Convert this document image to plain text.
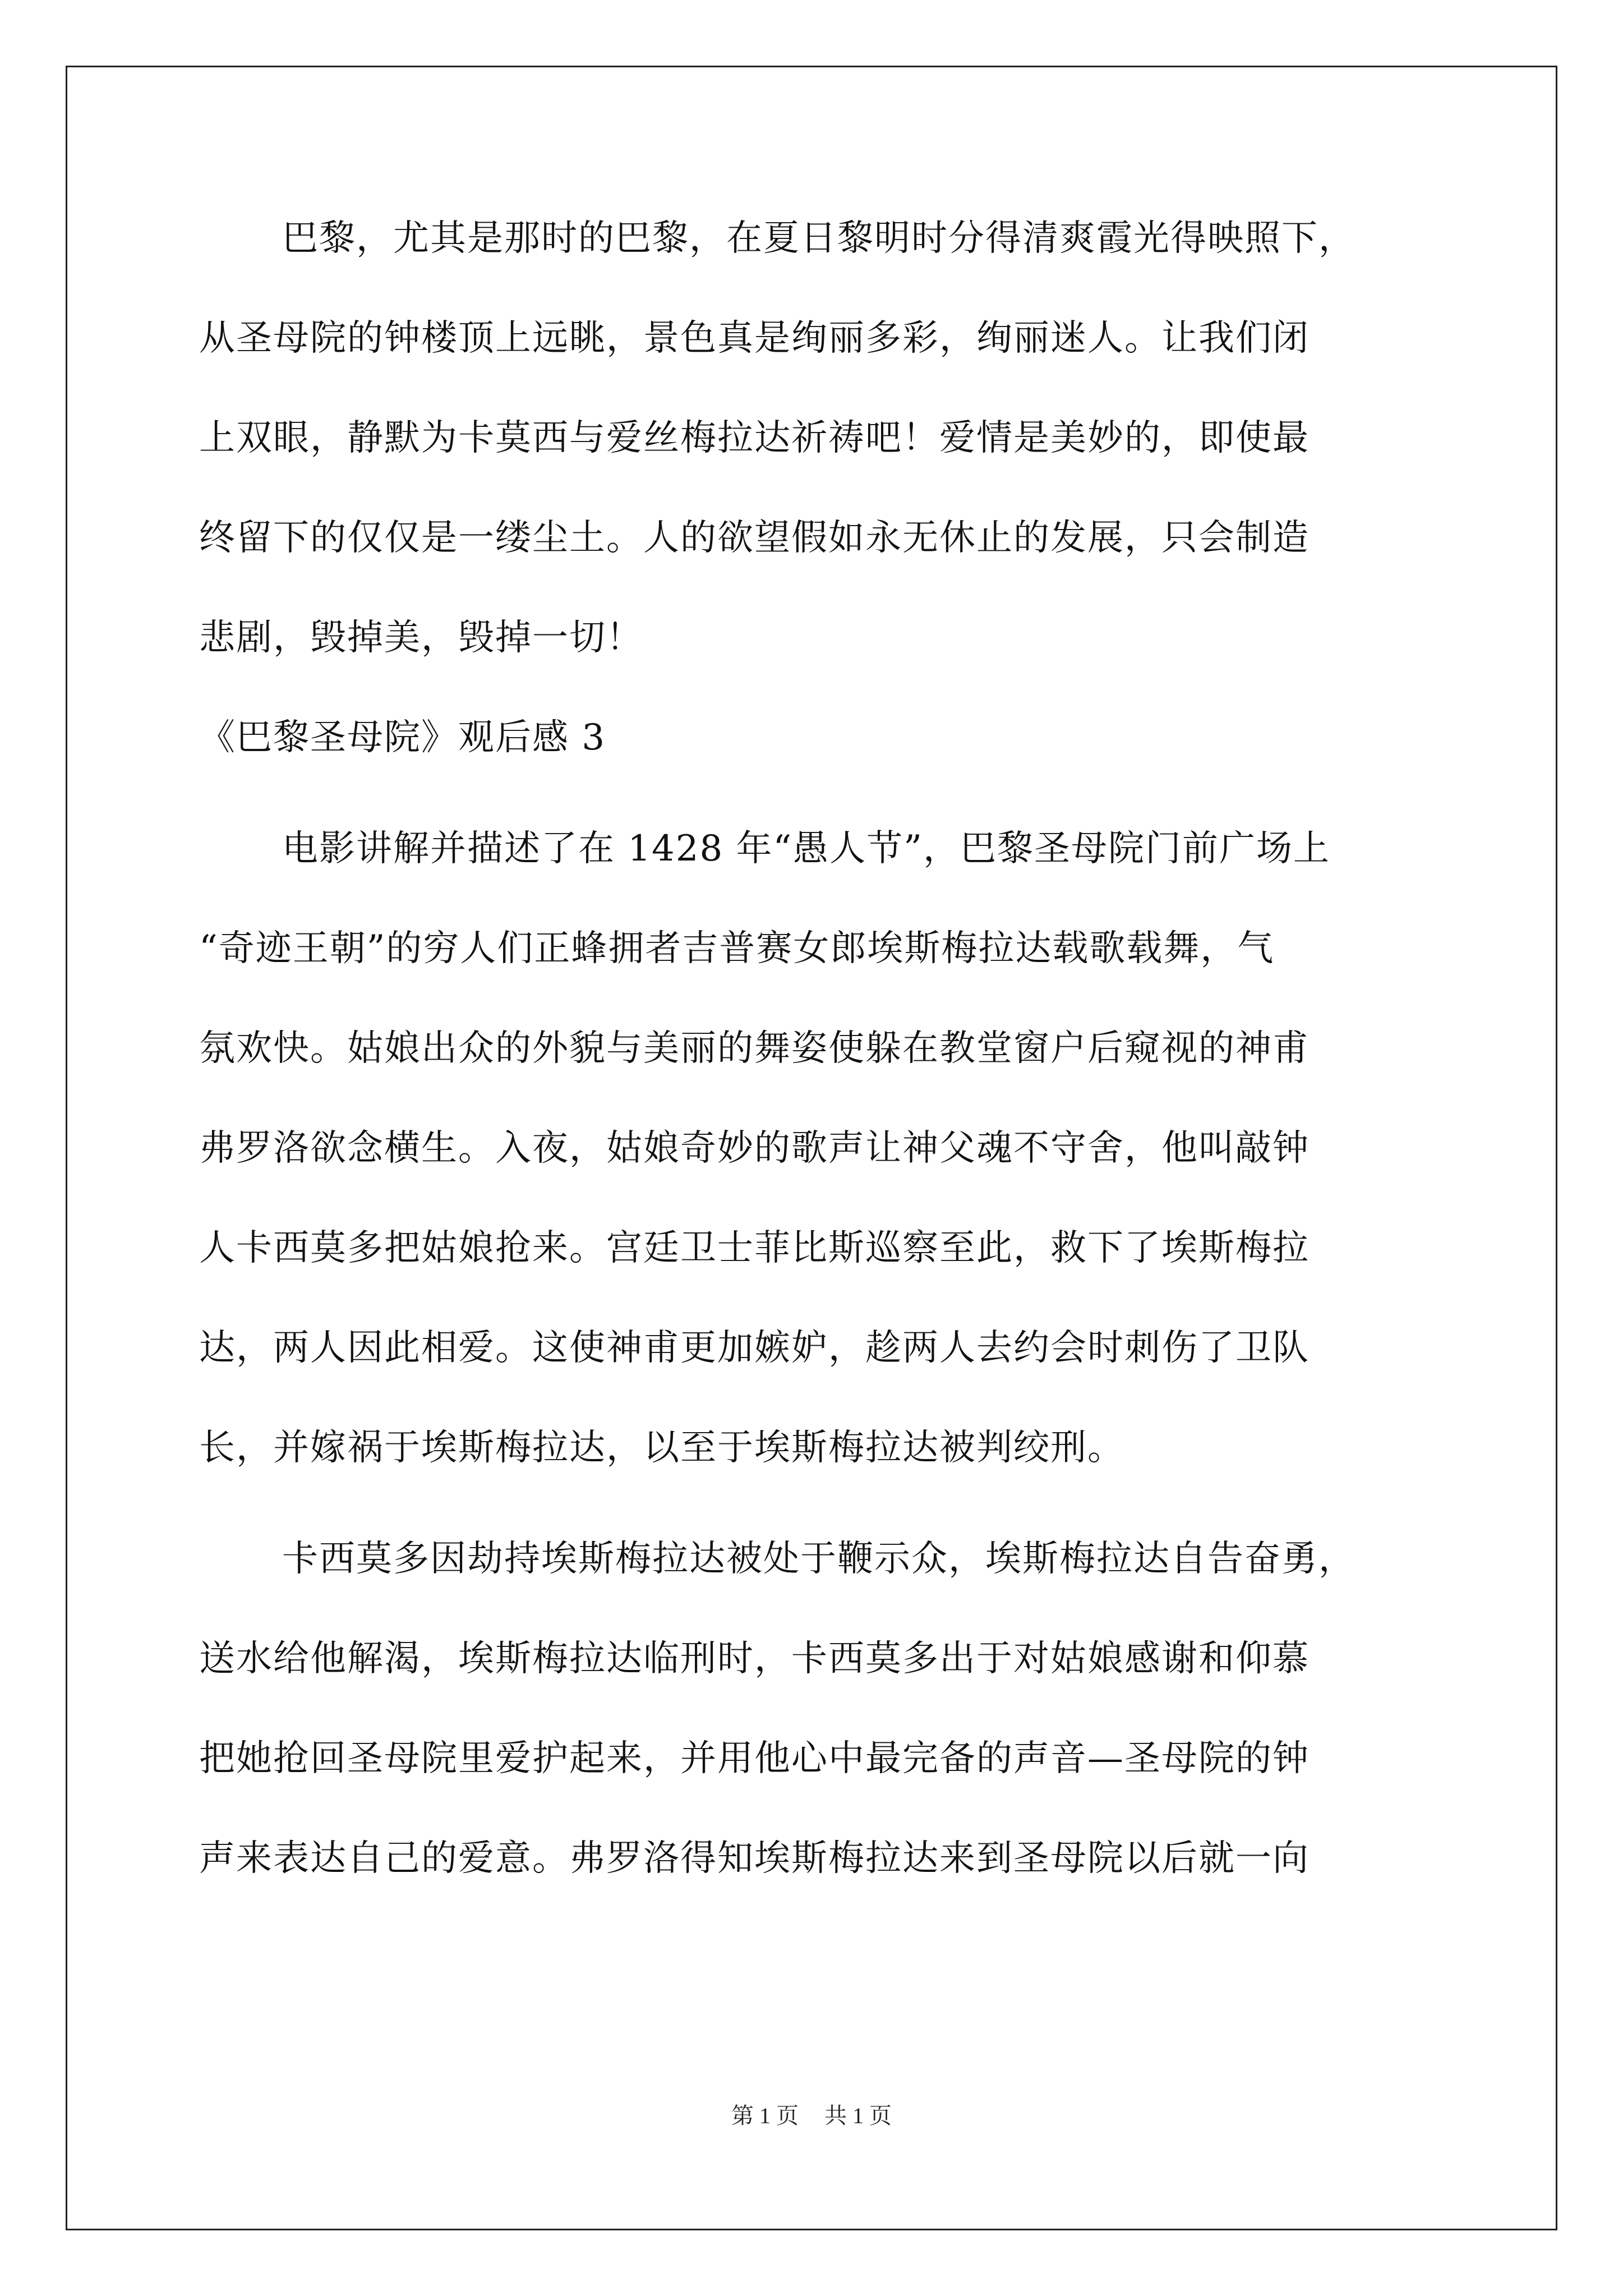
巴黎，尤其是那时的巴黎，在夏日黎明时分得清爽霞光得映照下，
从圣母院的钟楼顶上远眺，景色真是绚丽多彩，绚丽迷人。让我们闭
上双眼，静默为卡莫西与爱丝梅拉达祈祷吧！爱情是美妙的，即使最
终留下的仅仅是一缕尘土。人的欲望假如永无休止的发展，只会制造
悲剧，毁掉美，毁掉一切！
《巴黎圣母院》观后感 3
电影讲解并描述了在 1428 年“愚人节”，巴黎圣母院门前广场上
“奇迹王朝”的穷人们正蜂拥者吉普赛女郎埃斯梅拉达载歌载舞，气
氛欢快。姑娘出众的外貌与美丽的舞姿使躲在教堂窗户后窥视的神甫
弗罗洛欲念横生。入夜，姑娘奇妙的歌声让神父魂不守舍，他叫敲钟
人卡西莫多把姑娘抢来。宫廷卫士菲比斯巡察至此，救下了埃斯梅拉
达，两人因此相爱。这使神甫更加嫉妒，趁两人去约会时刺伤了卫队
长，并嫁祸于埃斯梅拉达，以至于埃斯梅拉达被判绞刑。
卡西莫多因劫持埃斯梅拉达被处于鞭示众，埃斯梅拉达自告奋勇，
送水给他解渴，埃斯梅拉达临刑时，卡西莫多出于对姑娘感谢和仰慕
把她抢回圣母院里爱护起来，并用他心中最完备的声音—圣母院的钟
声来表达自己的爱意。弗罗洛得知埃斯梅拉达来到圣母院以后就一向
第 1 页 共 1 页
